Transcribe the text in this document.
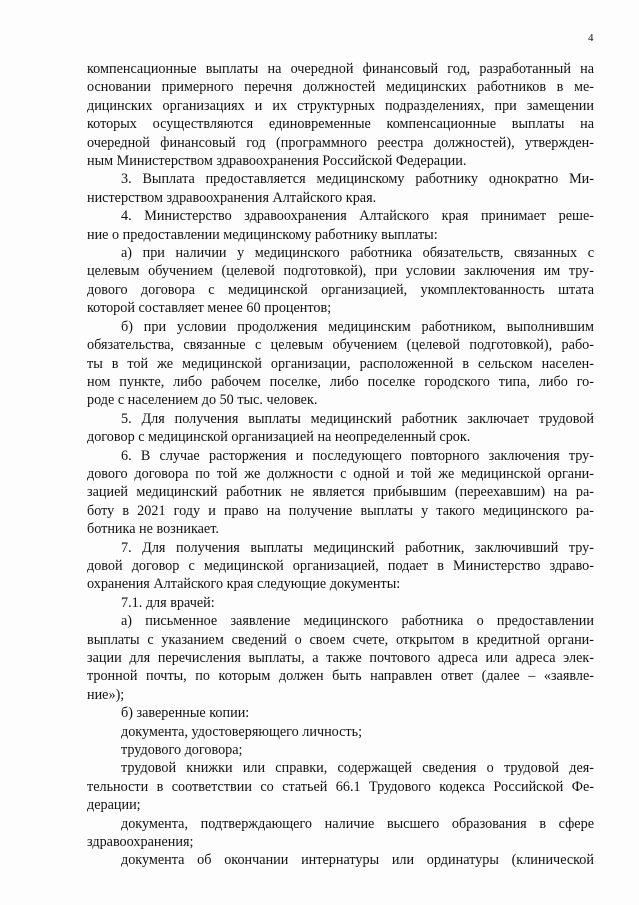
4
компенсационные выплаты на очередной финансовый год, разработанный на
основании примерного перечня должностей медицинских работников в ме-
дицинских организациях и их структурных подразделениях, при замещении
которых осуществляются единовременные компенсационные выплаты на
очередной финансовый год (программного реестра должностей), утвержден-
ным Министерством здравоохранения Российской Федерации.
3. Выплата предоставляется медицинскому работнику однократно Ми-
нистерством здравоохранения Алтайского края.
4. Министерство здравоохранения Алтайского края принимает реше-
ние о предоставлении медицинскому работнику выплаты:
а) при наличии у медицинского работника обязательств, связанных с
целевым обучением (целевой подготовкой), при условии заключения им тру-
дового договора с медицинской организацией, укомплектованность штата
которой составляет менее 60 процентов;
б) при условии продолжения медицинским работником, выполнившим
обязательства, связанные с целевым обучением (целевой подготовкой), рабо-
ты в той же медицинской организации, расположенной в сельском населен-
ном пункте, либо рабочем поселке, либо поселке городского типа, либо го-
роде с населением до 50 тыс. человек.
5. Для получения выплаты медицинский работник заключает трудовой
договор с медицинской организацией на неопределенный срок.
6. В случае расторжения и последующего повторного заключения тру-
дового договора по той же должности с одной и той же медицинской органи-
зацией медицинский работник не является прибывшим (переехавшим) на ра-
боту в 2021 году и право на получение выплаты у такого медицинского ра-
ботника не возникает.
7. Для получения выплаты медицинский работник, заключивший тру-
довой договор с медицинской организацией, подает в Министерство здраво-
охранения Алтайского края следующие документы:
7.1. для врачей:
а) письменное заявление медицинского работника о предоставлении
выплаты с указанием сведений о своем счете, открытом в кредитной органи-
зации для перечисления выплаты, а также почтового адреса или адреса элек-
тронной почты, по которым должен быть направлен ответ (далее – «заявле-
ние»);
б) заверенные копии:
документа, удостоверяющего личность;
трудового договора;
трудовой книжки или справки, содержащей сведения о трудовой дея-
тельности в соответствии со статьей 66.1 Трудового кодекса Российской Фе-
дерации;
документа, подтверждающего наличие высшего образования в сфере
здравоохранения;
документа об окончании интернатуры или ординатуры (клинической
